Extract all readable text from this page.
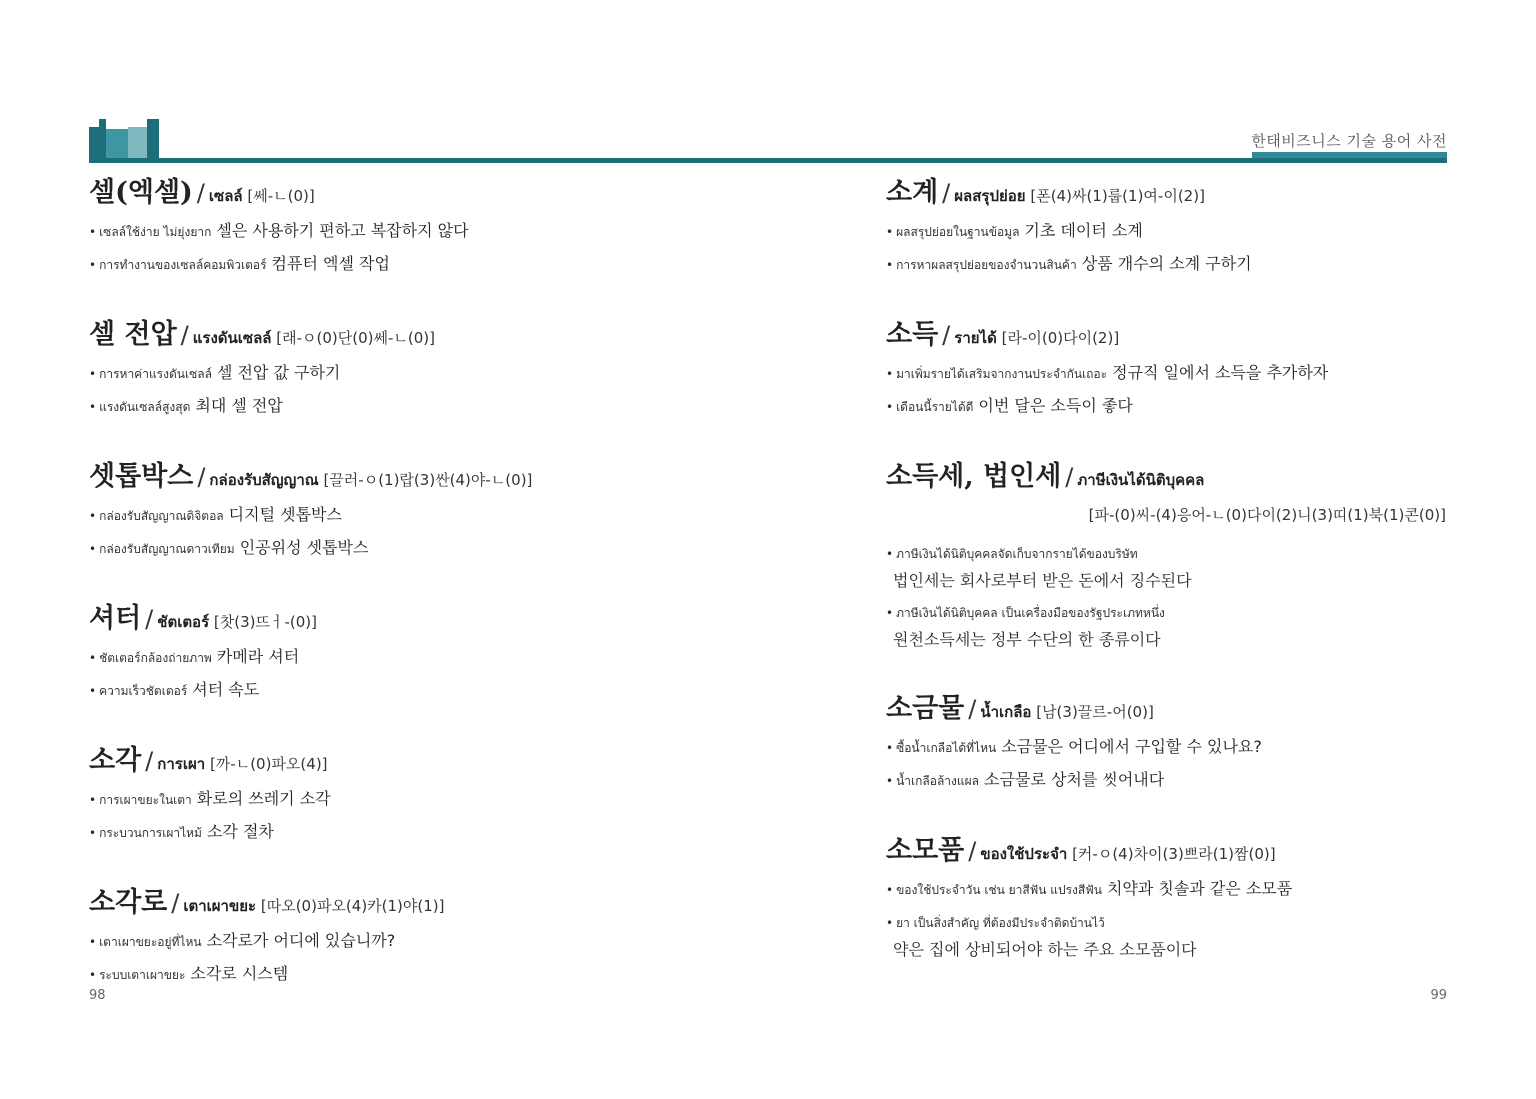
한태비즈니스 기술 용어 사전
셀(엑셀) / เซลล์ [쎄-ㄴ(0)]
• เซลล์ใช้ง่าย ไม่ยุ่งยาก 셀은 사용하기 편하고 복잡하지 않다
• การทำงานของเซลล์คอมพิวเตอร์ 컴퓨터 엑셀 작업
셀 전압 / แรงดันเซลล์ [래-ㅇ(0)단(0)쎄-ㄴ(0)]
• การหาค่าแรงดันเซลล์ 셀 전압 값 구하기
• แรงดันเซลล์สูงสุด 최대 셀 전압
셋톱박스 / กล่องรับสัญญาณ [끌러-ㅇ(1)랍(3)싼(4)야-ㄴ(0)]
• กล่องรับสัญญาณดิจิตอล 디지털 셋톱박스
• กล่องรับสัญญาณดาวเทียม 인공위성 셋톱박스
셔터 / ชัตเตอร์ [찻(3)뜨ㅓ-(0)]
• ชัตเตอร์กล้องถ่ายภาพ 카메라 셔터
• ความเร็วชัตเตอร์ 셔터 속도
소각 / การเผา [까-ㄴ(0)파오(4)]
• การเผาขยะในเตา 화로의 쓰레기 소각
• กระบวนการเผาไหม้ 소각 절차
소각로 / เตาเผาขยะ [따오(0)파오(4)카(1)야(1)]
• เตาเผาขยะอยู่ที่ไหน 소각로가 어디에 있습니까?
• ระบบเตาเผาขยะ 소각로 시스템
소계 / ผลสรุปย่อย [폰(4)싸(1)룹(1)여-이(2)]
• ผลสรุปย่อยในฐานข้อมูล 기초 데이터 소계
• การหาผลสรุปย่อยของจำนวนสินค้า 상품 개수의 소계 구하기
소득 / รายได้ [라-이(0)다이(2)]
• มาเพิ่มรายได้เสริมจากงานประจำกันเถอะ 정규직 일에서 소득을 추가하자
• เดือนนี้รายได้ดี 이번 달은 소득이 좋다
소득세, 법인세 / ภาษีเงินได้นิติบุคคล
[파-(0)씨-(4)응어-ㄴ(0)다이(2)니(3)띠(1)북(1)콘(0)]
• ภาษีเงินได้นิติบุคคลจัดเก็บจากรายได้ของบริษัท
법인세는 회사로부터 받은 돈에서 징수된다
• ภาษีเงินได้นิติบุคคล เป็นเครื่องมือของรัฐประเภทหนึ่ง
원천소득세는 정부 수단의 한 종류이다
소금물 / น้ำเกลือ [남(3)끌르-어(0)]
• ซื้อน้ำเกลือได้ที่ไหน 소금물은 어디에서 구입할 수 있나요?
• น้ำเกลือล้างแผล 소금물로 상처를 씻어내다
소모품 / ของใช้ประจำ [커-ㅇ(4)차이(3)쁘라(1)짬(0)]
• ของใช้ประจำวัน เช่น ยาสีฟัน แปรงสีฟัน 치약과 칫솔과 같은 소모품
• ยา เป็นสิ่งสำคัญ ที่ต้องมีประจำติดบ้านไว้
약은 집에 상비되어야 하는 주요 소모품이다
98	99
